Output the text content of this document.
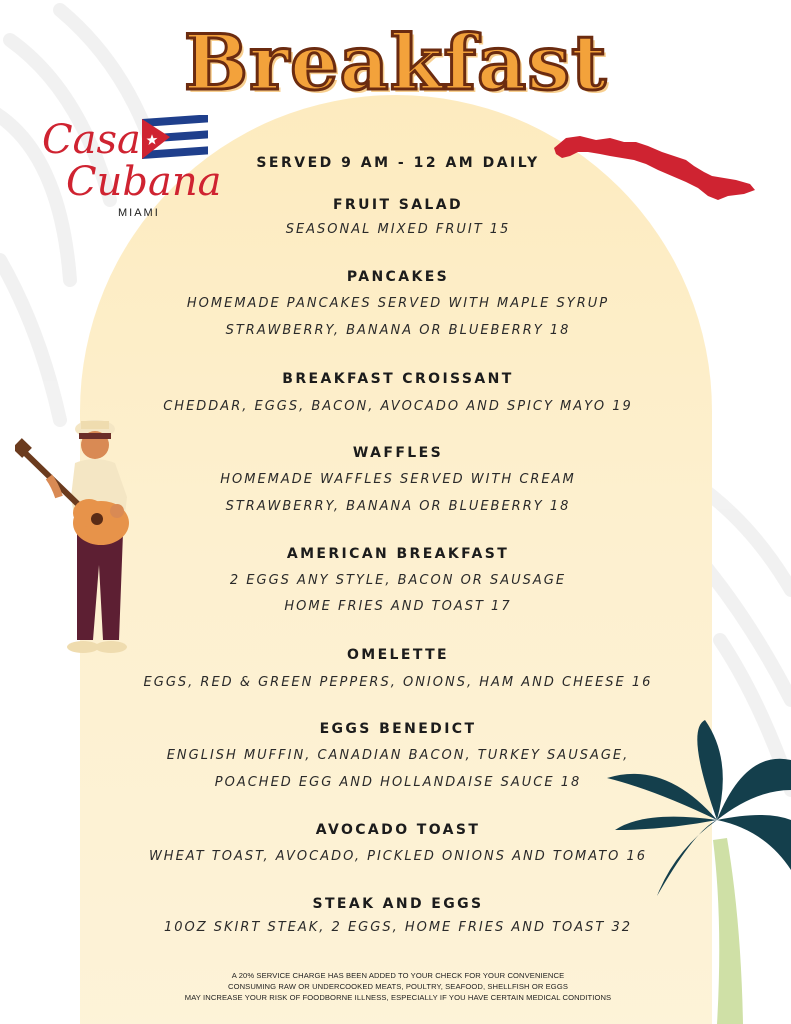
Breakfast
Casa
Cubana
MIAMI
SERVED 9 AM - 12 AM DAILY
FRUIT SALAD
SEASONAL MIXED FRUIT 15
PANCAKES
HOMEMADE PANCAKES SERVED WITH MAPLE SYRUP
STRAWBERRY, BANANA OR BLUEBERRY 18
BREAKFAST CROISSANT
CHEDDAR, EGGS, BACON, AVOCADO AND SPICY MAYO 19
WAFFLES
HOMEMADE WAFFLES SERVED WITH CREAM
STRAWBERRY, BANANA OR BLUEBERRY 18
AMERICAN BREAKFAST
2 EGGS ANY STYLE, BACON OR SAUSAGE
HOME FRIES AND TOAST 17
OMELETTE
EGGS, RED & GREEN PEPPERS, ONIONS, HAM AND CHEESE 16
EGGS BENEDICT
ENGLISH MUFFIN, CANADIAN BACON, TURKEY SAUSAGE,
POACHED EGG AND HOLLANDAISE SAUCE 18
AVOCADO TOAST
WHEAT TOAST, AVOCADO, PICKLED ONIONS AND TOMATO 16
STEAK AND EGGS
10OZ SKIRT STEAK, 2 EGGS, HOME FRIES AND TOAST 32
A 20% SERVICE CHARGE HAS BEEN ADDED TO YOUR CHECK FOR YOUR CONVENIENCE
CONSUMING RAW OR UNDERCOOKED MEATS, POULTRY, SEAFOOD, SHELLFISH OR EGGS
MAY INCREASE YOUR RISK OF FOODBORNE ILLNESS, ESPECIALLY IF YOU HAVE CERTAIN MEDICAL CONDITIONS
